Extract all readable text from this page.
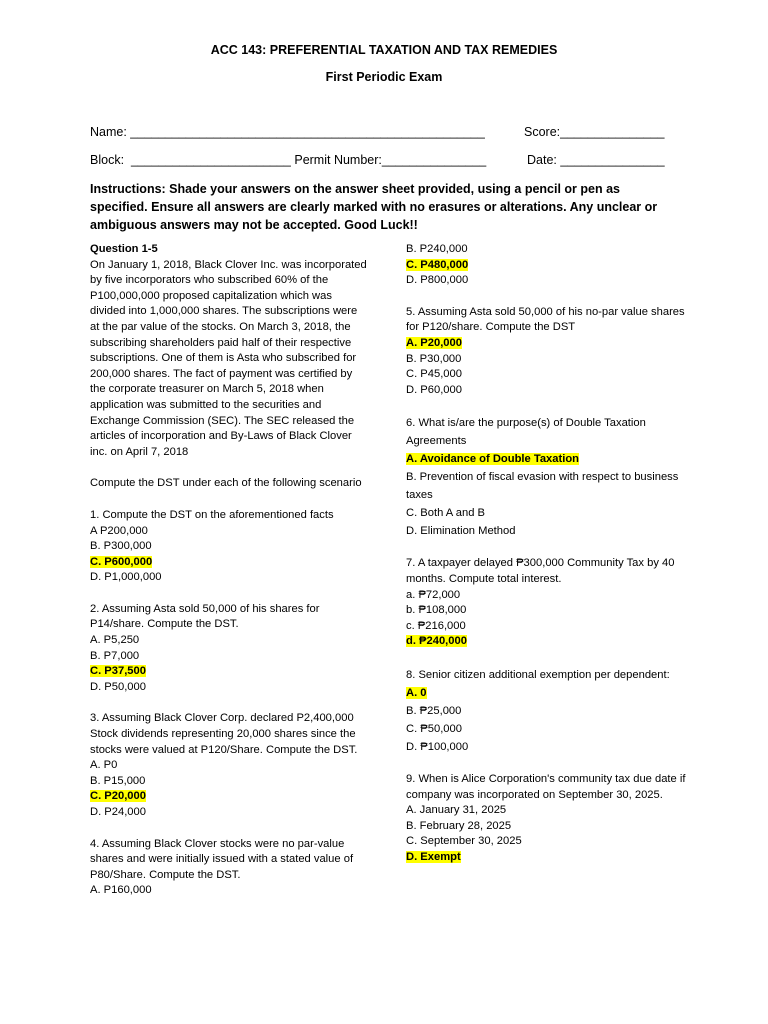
ACC 143: PREFERENTIAL TAXATION AND TAX REMEDIES
First Periodic Exam
Name: ___________________________________________________	Score:_______________
Block:  _______________________ Permit Number:_______________	Date: _______________
Instructions: Shade your answers on the answer sheet provided, using a pencil or pen as specified. Ensure all answers are clearly marked with no erasures or alterations. Any unclear or ambiguous answers may not be accepted. Good Luck!!
Question 1-5

On January 1, 2018, Black Clover Inc. was incorporated by five incorporators who subscribed 60% of the P100,000,000 proposed capitalization which was divided into 1,000,000 shares. The subscriptions were at the par value of the stocks. On March 3, 2018, the subscribing shareholders paid half of their respective subscriptions. One of them is Asta who subscribed for 200,000 shares. The fact of payment was certified by the corporate treasurer on March 5, 2018 when application was submitted to the securities and Exchange Commission (SEC). The SEC released the articles of incorporation and By-Laws of Black Clover inc. on April 7, 2018

Compute the DST under each of the following scenario

1. Compute the DST on the aforementioned facts

A P200,000
B. P300,000
C. P600,000
D. P1,000,000

2. Assuming Asta sold 50,000 of his shares for P14/share. Compute the DST.

A. P5,250
B. P7,000
C. P37,500
D. P50,000

3. Assuming Black Clover Corp. declared P2,400,000 Stock dividends representing 20,000 shares since the stocks were valued at P120/Share. Compute the DST.

A. P0
B. P15,000
C. P20,000
D. P24,000

4. Assuming Black Clover stocks were no par-value shares and were initially issued with a stated value of P80/Share. Compute the DST.

A. P160,000
B. P240,000
C. P480,000
D. P800,000

5. Assuming Asta sold 50,000 of his no-par value shares for P120/share. Compute the DST

A. P20,000
B. P30,000
C. P45,000
D. P60,000

6. What is/are the purpose(s) of Double Taxation Agreements

A. Avoidance of Double Taxation
B. Prevention of fiscal evasion with respect to business taxes
C. Both A and B
D. Elimination Method

7. A taxpayer delayed ₱300,000 Community Tax by 40 months. Compute total interest.

a. ₱72,000
b. ₱108,000
c. ₱216,000
d. ₱240,000

8. Senior citizen additional exemption per dependent:

A. 0
B. ₱25,000
C. ₱50,000
D. ₱100,000

9. When is Alice Corporation's community tax due date if company was incorporated on September 30, 2025.

A. January 31, 2025
B. February 28, 2025
C. September 30, 2025
D. Exempt
